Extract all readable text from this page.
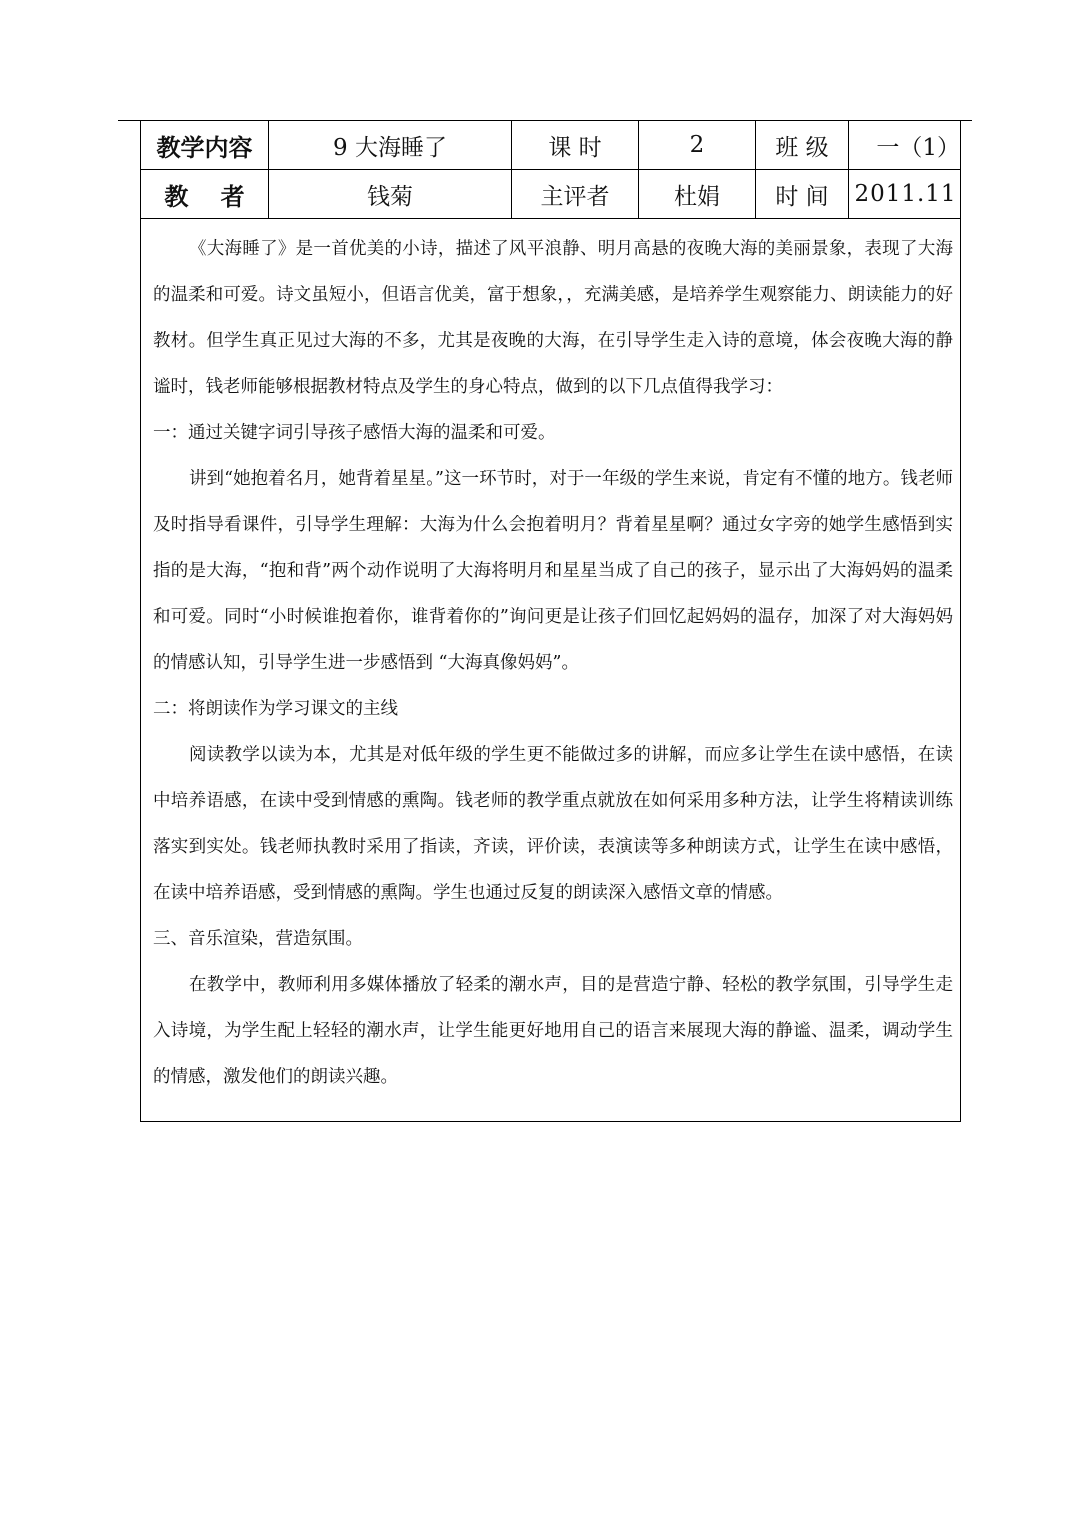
教学内容	9 大海睡了	课 时	2	班 级	一（1）
教 者	钱菊	主评者	杜娟	时 间	2011.11

《大海睡了》是一首优美的小诗，描述了风平浪静、明月高悬的夜晚大海的美丽景象，表现了大海的温柔和可爱。诗文虽短小，但语言优美，富于想象，，充满美感，是培养学生观察能力、朗读能力的好教材。但学生真正见过大海的不多，尤其是夜晚的大海，在引导学生走入诗的意境，体会夜晚大海的静谧时，钱老师能够根据教材特点及学生的身心特点，做到的以下几点值得我学习：

一：通过关键字词引导孩子感悟大海的温柔和可爱。

讲到“她抱着名月，她背着星星。”这一环节时，对于一年级的学生来说，肯定有不懂的地方。钱老师及时指导看课件，引导学生理解：大海为什么会抱着明月？背着星星啊？通过女字旁的她学生感悟到实指的是大海，“抱和背”两个动作说明了大海将明月和星星当成了自己的孩子，显示出了大海妈妈的温柔和可爱。同时“小时候谁抱着你，谁背着你的”询问更是让孩子们回忆起妈妈的温存，加深了对大海妈妈的情感认知，引导学生进一步感悟到 “大海真像妈妈”。

二：将朗读作为学习课文的主线

阅读教学以读为本，尤其是对低年级的学生更不能做过多的讲解，而应多让学生在读中感悟，在读中培养语感，在读中受到情感的熏陶。钱老师的教学重点就放在如何采用多种方法，让学生将精读训练落实到实处。钱老师执教时采用了指读，齐读，评价读，表演读等多种朗读方式，让学生在读中感悟，在读中培养语感，受到情感的熏陶。学生也通过反复的朗读深入感悟文章的情感。

三、音乐渲染，营造氛围。

在教学中，教师利用多媒体播放了轻柔的潮水声，目的是营造宁静、轻松的教学氛围，引导学生走入诗境，为学生配上轻轻的潮水声，让学生能更好地用自己的语言来展现大海的静谧、温柔，调动学生的情感，激发他们的朗读兴趣。
